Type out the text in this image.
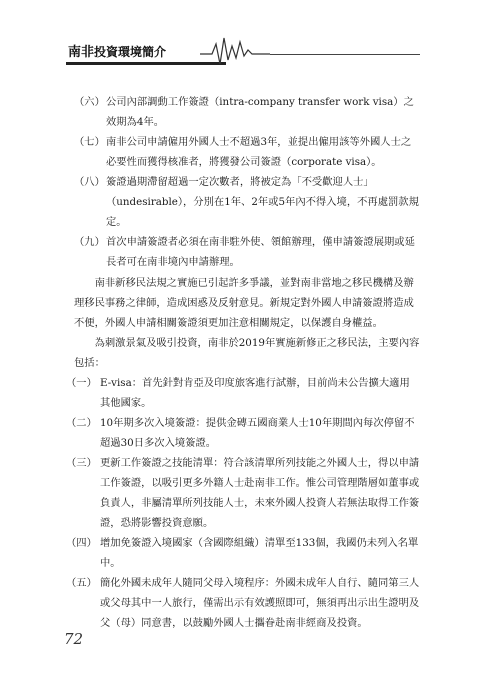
南非投資環境簡介
（六） 公司內部調動工作簽證（intra-company transfer work visa）之效期為4年。
（七） 南非公司申請僱用外國人士不超過3年，並提出僱用該等外國人士之必要性而獲得核准者，將獲發公司簽證（corporate visa）。
（八） 簽證過期滯留超過一定次數者，將被定為「不受歡迎人士」（undesirable），分別在1年、2年或5年內不得入境，不再處罰款規定。
（九） 首次申請簽證者必須在南非駐外使、領館辦理，僅申請簽證展期或延長者可在南非境內申請辦理。
南非新移民法規之實施已引起許多爭議，並對南非當地之移民機構及辦理移民事務之律師，造成困惑及反射意見。新規定對外國人申請簽證將造成不便，外國人申請相關簽證須更加注意相關規定，以保護自身權益。
為刺激景氣及吸引投資，南非於2019年實施新修正之移民法，主要內容包括：
（一） E-visa：首先針對肯亞及印度旅客進行試辦，目前尚未公告擴大適用其他國家。
（二） 10年期多次入境簽證：提供金磚五國商業人士10年期間內每次停留不超過30日多次入境簽證。
（三） 更新工作簽證之技能清單：符合該清單所列技能之外國人士，得以申請工作簽證，以吸引更多外籍人士赴南非工作。惟公司管理階層如董事或負責人，非屬清單所列技能人士，未來外國人投資人若無法取得工作簽證，恐將影響投資意願。
（四） 增加免簽證入境國家（含國際組織）清單至133個，我國仍未列入名單中。
（五） 簡化外國未成年人隨同父母入境程序：外國未成年人自行、隨同第三人或父母其中一人旅行，僅需出示有效護照即可，無須再出示出生證明及父（母）同意書，以鼓勵外國人士攜眷赴南非經商及投資。
72
